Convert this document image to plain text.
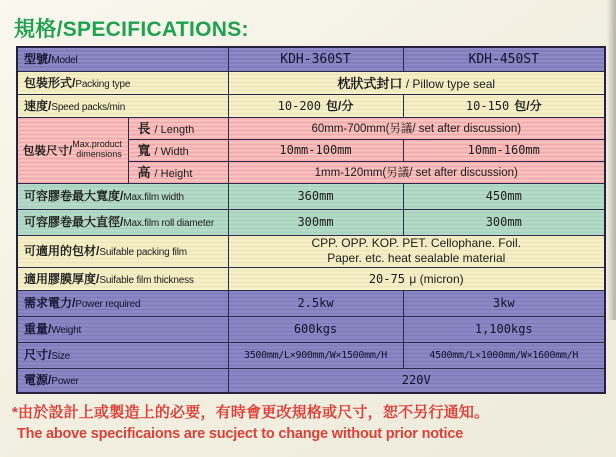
規格/SPECIFICATIONS:
型號/Model		KDH-360ST	KDH-450ST
包裝形式/Packing type		枕狀式封口 / Pillow type seal	
速度/Speed packs/min		10-200 包/分	10-150 包/分
包裝尺寸/
Max.product
dimensions	長 / Length	60mm-700mm(另議/ set after discussion)	
	寬 / Width	10mm-100mm	10mm-160mm
	高 / Height	1mm-120mm(另議/ set after discussion)	
可容膠卷最大寬度/Max.film width		360mm	450mm
可容膠卷最大直徑/Max.film roll diameter		300mm	300mm
可適用的包材/Suifable packing film		CPP. OPP. KOP. PET. Cellophane. Foil.
Paper. etc. heat sealable material	

適用膠膜厚度/Suifable film thickness		20-75 μ (micron)	
需求電力/Power required		2.5kw	3kw
重量/Weight		600kgs	1,100kgs
尺寸/Size		3500mm/L×900mm/W×1500mm/H	4500mm/L×1000mm/W×1600mm/H
電源/Power		220V	
*由於設計上或製造上的必要，有時會更改規格或尺寸，恕不另行通知。
The above specificaions are sucject to change without prior notice
